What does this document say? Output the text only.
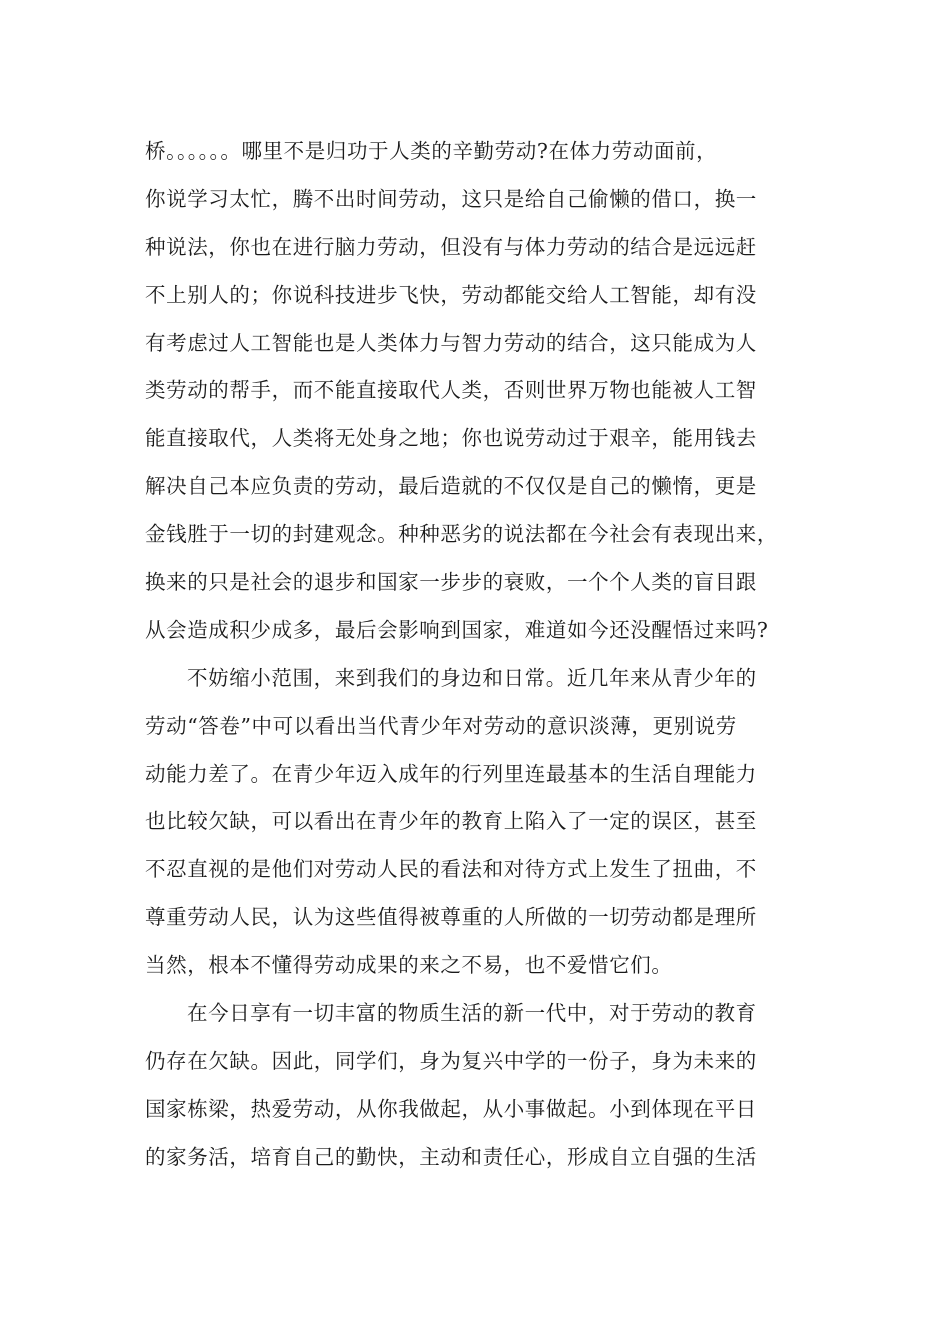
桥。。。。。。哪里不是归功于人类的辛勤劳动?在体力劳动面前，
你说学习太忙，腾不出时间劳动，这只是给自己偷懒的借口，换一
种说法，你也在进行脑力劳动，但没有与体力劳动的结合是远远赶
不上别人的；你说科技进步飞快，劳动都能交给人工智能，却有没
有考虑过人工智能也是人类体力与智力劳动的结合，这只能成为人
类劳动的帮手，而不能直接取代人类，否则世界万物也能被人工智
能直接取代，人类将无处身之地；你也说劳动过于艰辛，能用钱去
解决自己本应负责的劳动，最后造就的不仅仅是自己的懒惰，更是
金钱胜于一切的封建观念。种种恶劣的说法都在今社会有表现出来，
换来的只是社会的退步和国家一步步的衰败，一个个人类的盲目跟
从会造成积少成多，最后会影响到国家，难道如今还没醒悟过来吗?
不妨缩小范围，来到我们的身边和日常。近几年来从青少年的
劳动“答卷”中可以看出当代青少年对劳动的意识淡薄，更别说劳
动能力差了。在青少年迈入成年的行列里连最基本的生活自理能力
也比较欠缺，可以看出在青少年的教育上陷入了一定的误区，甚至
不忍直视的是他们对劳动人民的看法和对待方式上发生了扭曲，不
尊重劳动人民，认为这些值得被尊重的人所做的一切劳动都是理所
当然，根本不懂得劳动成果的来之不易，也不爱惜它们。
在今日享有一切丰富的物质生活的新一代中，对于劳动的教育
仍存在欠缺。因此，同学们，身为复兴中学的一份子，身为未来的
国家栋梁，热爱劳动，从你我做起，从小事做起。小到体现在平日
的家务活，培育自己的勤快，主动和责任心，形成自立自强的生活
